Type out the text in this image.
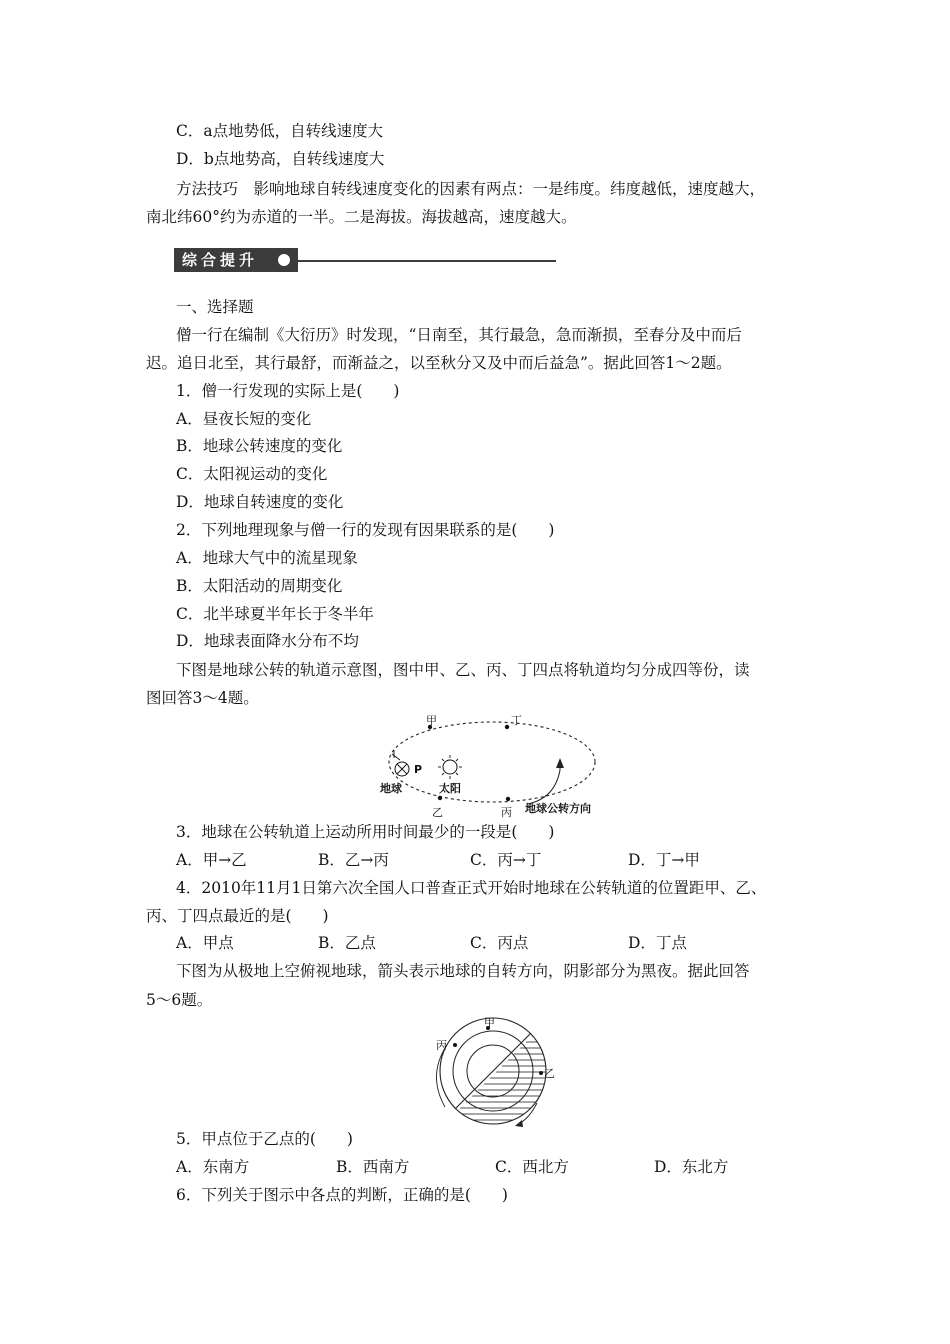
C．a点地势低，自转线速度大
D．b点地势高，自转线速度大
方法技巧　影响地球自转线速度变化的因素有两点：一是纬度。纬度越低，速度越大，
南北纬60°约为赤道的一半。二是海拔。海拔越高，速度越大。
综合提升
一、选择题
僧一行在编制《大衍历》时发现，“日南至，其行最急，急而渐损，至春分及中而后
迟。追日北至，其行最舒，而渐益之，以至秋分又及中而后益急”。据此回答1～2题。
1．僧一行发现的实际上是(　　)
A．昼夜长短的变化
B．地球公转速度的变化
C．太阳视运动的变化
D．地球自转速度的变化
2．下列地理现象与僧一行的发现有因果联系的是(　　)
A．地球大气中的流星现象
B．太阳活动的周期变化
C．北半球夏半年长于冬半年
D．地球表面降水分布不均
下图是地球公转的轨道示意图，图中甲、乙、丙、丁四点将轨道均匀分成四等份，读
图回答3～4题。
甲	丁
乙	丙
P
地球	太阳
地球公转方向
3．地球在公转轨道上运动所用时间最少的一段是(　　)
A．甲→乙	B．乙→丙	C．丙→丁	D．丁→甲
4．2010年11月1日第六次全国人口普查正式开始时地球在公转轨道的位置距甲、乙、
丙、丁四点最近的是(　　)
A．甲点	B．乙点	C．丙点	D．丁点
下图为从极地上空俯视地球，箭头表示地球的自转方向，阴影部分为黑夜。据此回答
5～6题。
甲
丙
乙
5．甲点位于乙点的(　　)
A．东南方	B．西南方	C．西北方	D．东北方
6．下列关于图示中各点的判断，正确的是(　　)
